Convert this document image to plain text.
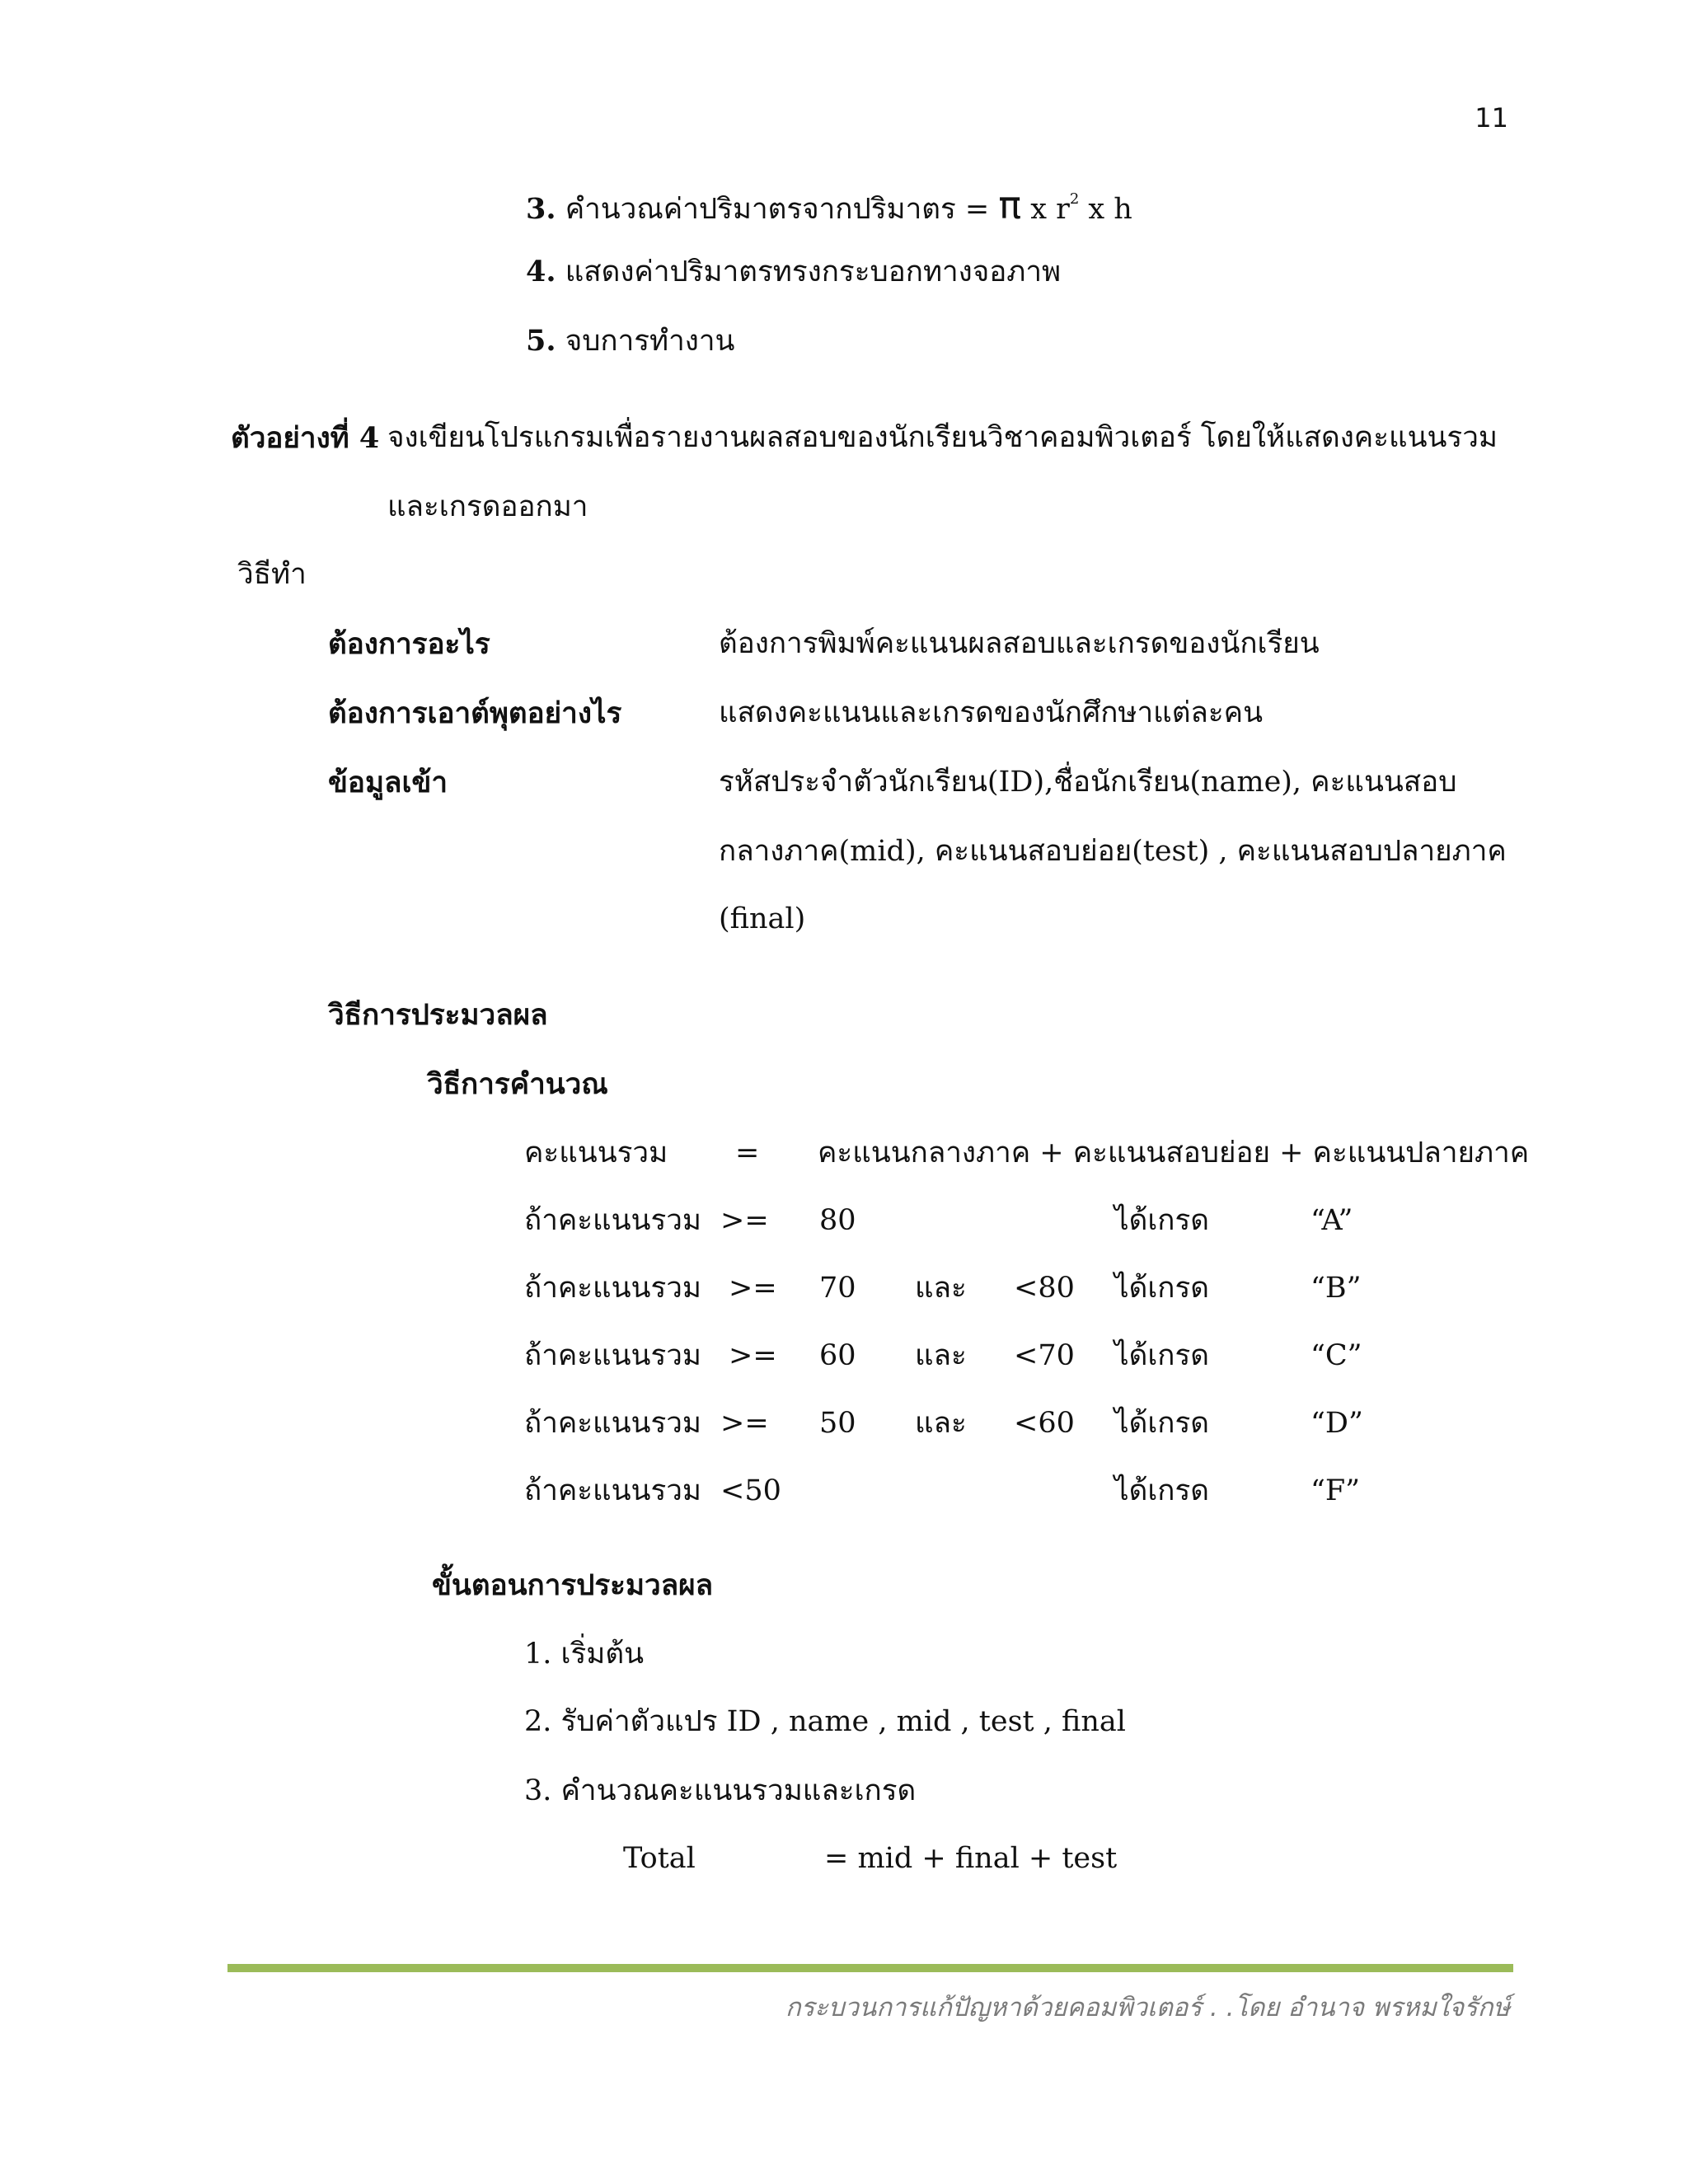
11
3. คำนวณค่าปริมาตรจากปริมาตร = π x $r^2$ x h
4. แสดงค่าปริมาตรทรงกระบอกทางจอภาพ
5. จบการทำงาน
ตัวอย่างที่ 4 จงเขียนโปรแกรมเพื่อรายงานผลสอบของนักเรียนวิชาคอมพิวเตอร์ โดยให้แสดงคะแนนรวม
และเกรดออกมา
วิธีทำ
ต้องการอะไร	ต้องการพิมพ์คะแนนผลสอบและเกรดของนักเรียน
ต้องการเอาต์พุตอย่างไร	แสดงคะแนนและเกรดของนักศึกษาแต่ละคน
ข้อมูลเข้า	รหัสประจำตัวนักเรียน(ID),ชื่อนักเรียน(name), คะแนนสอบ
กลางภาค(mid), คะแนนสอบย่อย(test) , คะแนนสอบปลายภาค
(final)
วิธีการประมวลผล
วิธีการคำนวณ
คะแนนรวม = คะแนนกลางภาค + คะแนนสอบย่อย + คะแนนปลายภาค
ถ้าคะแนนรวม >= 80	ได้เกรด	“A”
ถ้าคะแนนรวม >= 70 และ <80 ได้เกรด	“B”
ถ้าคะแนนรวม >= 60 และ <70 ได้เกรด	“C”
ถ้าคะแนนรวม >= 50 และ <60 ได้เกรด	“D”
ถ้าคะแนนรวม <50	ได้เกรด	“F”
ขั้นตอนการประมวลผล
1. เริ่มต้น
2. รับค่าตัวแปร ID , name , mid , test , final
3. คำนวณคะแนนรวมและเกรด
Total	= mid + final + test
กระบวนการแก้ปัญหาด้วยคอมพิวเตอร์ . .โดย อำนาจ พรหมใจรักษ์
